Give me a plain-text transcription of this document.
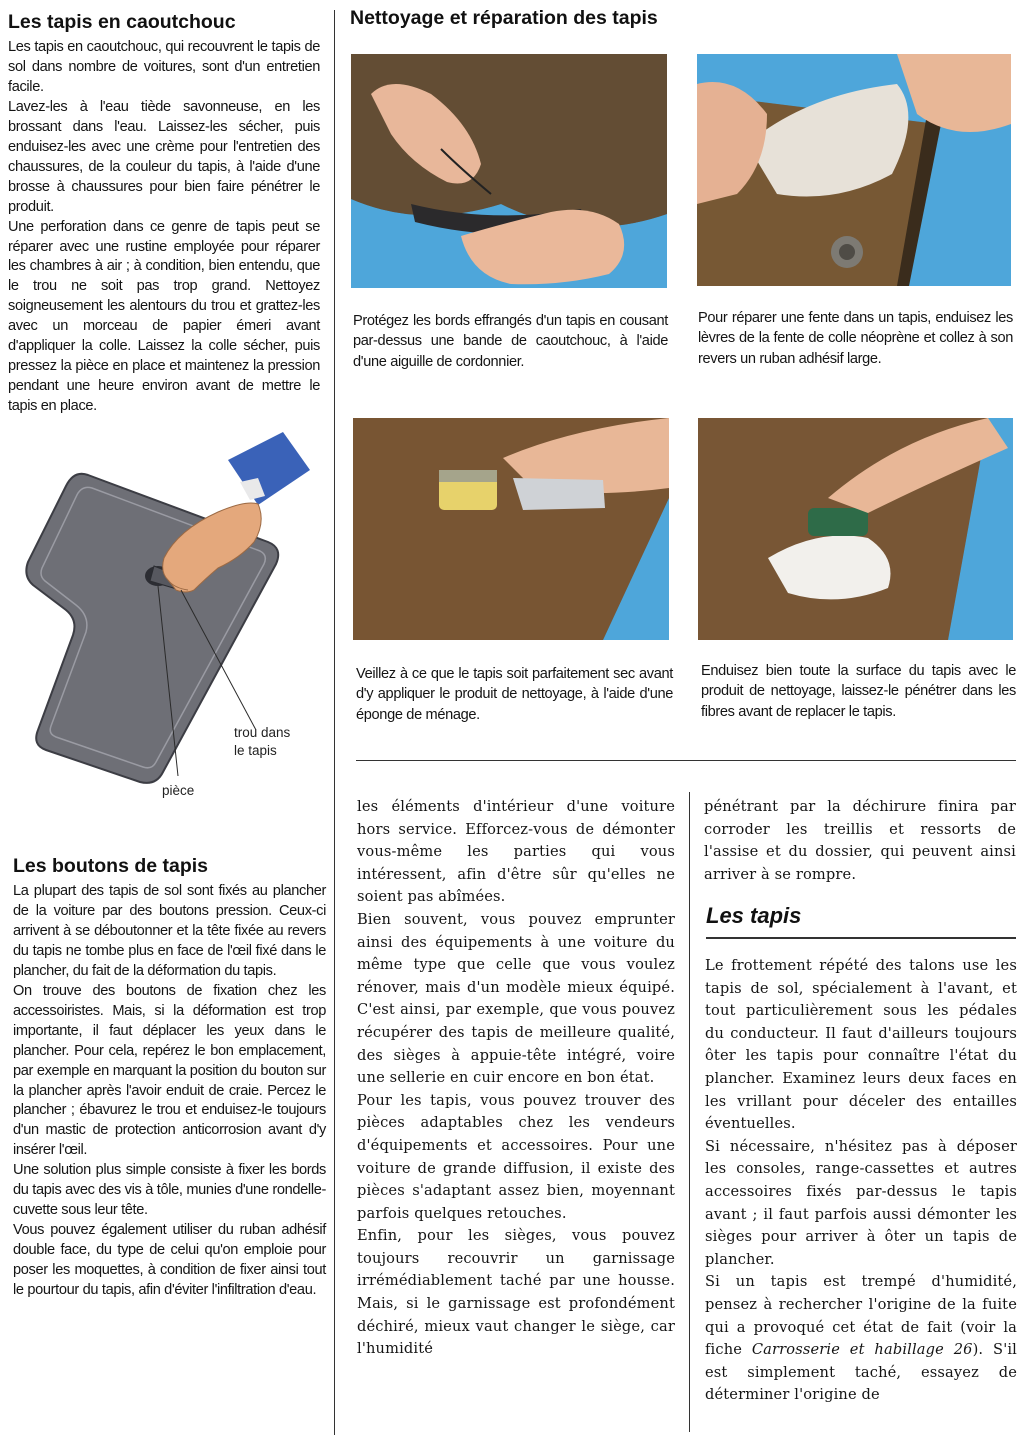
Les tapis en caoutchouc

Les tapis en caoutchouc, qui recouvrent le tapis de sol dans nombre de voitures, sont d'un entretien facile.

Lavez-les à l'eau tiède savonneuse, en les brossant dans l'eau. Laissez-les sécher, puis enduisez-les avec une crème pour l'entretien des chaussures, de la couleur du tapis, à l'aide d'une brosse à chaussures pour bien faire pénétrer le produit.

Une perforation dans ce genre de tapis peut se réparer avec une rustine employée pour réparer les chambres à air ; à condition, bien entendu, que le trou ne soit pas trop grand. Nettoyez soigneusement les alentours du trou et grattez-les avec un morceau de papier émeri avant d'appliquer la colle. Laissez la colle sécher, puis pressez la pièce en place et maintenez la pression pendant une heure environ avant de mettre le tapis en place.

trou dans
le tapis
pièce
Les boutons de tapis

La plupart des tapis de sol sont fixés au plancher de la voiture par des boutons pression. Ceux-ci arrivent à se déboutonner et la tête fixée au revers du tapis ne tombe plus en face de l'œil fixé dans le plancher, du fait de la déformation du tapis.

On trouve des boutons de fixation chez les accessoiristes. Mais, si la déformation est trop importante, il faut déplacer les yeux dans le plancher. Pour cela, repérez le bon emplacement, par exemple en marquant la position du bouton sur la plancher après l'avoir enduit de craie. Percez le plancher ; ébavurez le trou et enduisez-le toujours d'un mastic de protection anticorrosion avant d'y insérer l'œil.

Une solution plus simple consiste à fixer les bords du tapis avec des vis à tôle, munies d'une rondelle-cuvette sous leur tête.

Vous pouvez également utiliser du ruban adhésif double face, du type de celui qu'on emploie pour poser les moquettes, à condition de fixer ainsi tout le pourtour du tapis, afin d'éviter l'infiltration d'eau.

Nettoyage et réparation des tapis
Protégez les bords effrangés d'un tapis en cousant par-dessus une bande de caoutchouc, à l'aide d'une aiguille de cordonnier.
Pour réparer une fente dans un tapis, enduisez les lèvres de la fente de colle néoprène et collez à son revers un ruban adhésif large.
Veillez à ce que le tapis soit parfaitement sec avant d'y appliquer le produit de nettoyage, à l'aide d'une éponge de ménage.
Enduisez bien toute la surface du tapis avec le produit de nettoyage, laissez-le pénétrer dans les fibres avant de replacer le tapis.

les éléments d'intérieur d'une voiture hors service. Efforcez-vous de démonter vous-même les parties qui vous intéressent, afin d'être sûr qu'elles ne soient pas abîmées.

Bien souvent, vous pouvez emprunter ainsi des équipements à une voiture du même type que celle que vous voulez rénover, mais d'un modèle mieux équipé. C'est ainsi, par exemple, que vous pouvez récupérer des tapis de meilleure qualité, des sièges à appuie-tête intégré, voire une sellerie en cuir encore en bon état.

Pour les tapis, vous pouvez trouver des pièces adaptables chez les vendeurs d'équipements et accessoires. Pour une voiture de grande diffusion, il existe des pièces s'adaptant assez bien, moyennant parfois quelques retouches.

Enfin, pour les sièges, vous pouvez toujours recouvrir un garnissage irrémédiablement taché par une housse. Mais, si le garnissage est profondément déchiré, mieux vaut changer le siège, car l'humidité

pénétrant par la déchirure finira par corroder les treillis et ressorts de l'assise et du dossier, qui peuvent ainsi arriver à se rompre.

Les tapis

Le frottement répété des talons use les tapis de sol, spécialement à l'avant, et tout particulièrement sous les pédales du conducteur. Il faut d'ailleurs toujours ôter les tapis pour connaître l'état du plancher. Examinez leurs deux faces en les vrillant pour déceler des entailles éventuelles.

Si nécessaire, n'hésitez pas à déposer les consoles, range-cassettes et autres accessoires fixés par-dessus le tapis avant ; il faut parfois aussi démonter les sièges pour arriver à ôter un tapis de plancher.

Si un tapis est trempé d'humidité, pensez à rechercher l'origine de la fuite qui a provoqué cet état de fait (voir la fiche Carrosserie et habillage 26). S'il est simplement taché, essayez de déterminer l'origine de
